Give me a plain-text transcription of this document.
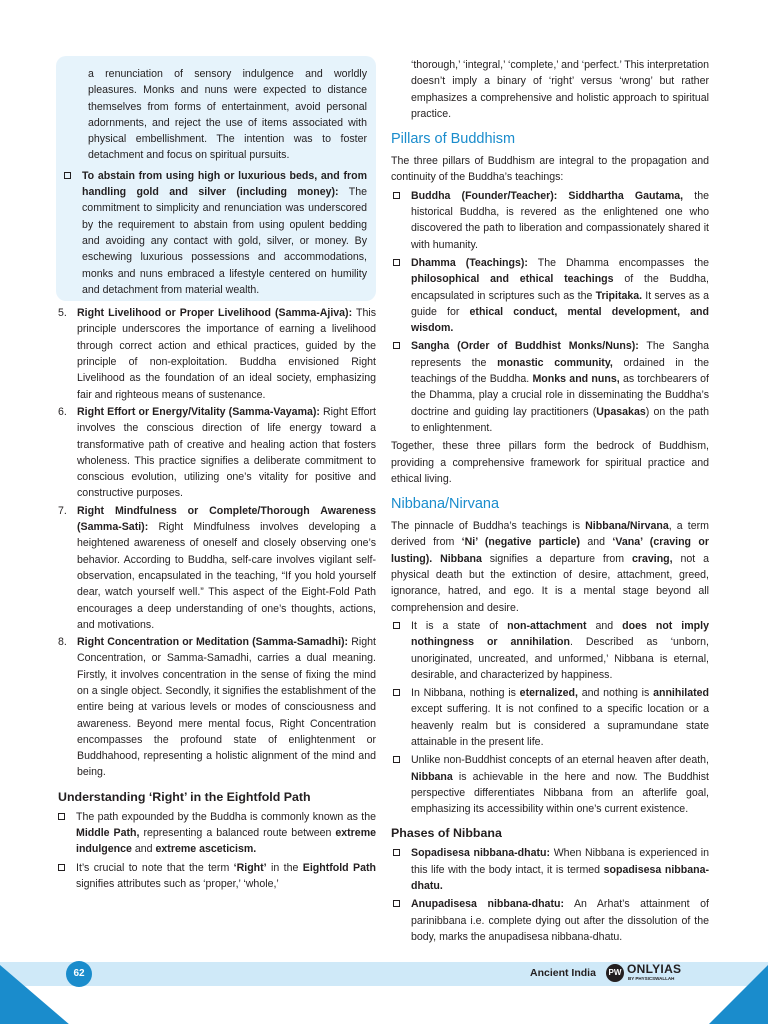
a renunciation of sensory indulgence and worldly pleasures. Monks and nuns were expected to distance themselves from forms of entertainment, avoid personal adornments, and reject the use of items associated with physical embellishment. The intention was to foster detachment and focus on spiritual pursuits.

To abstain from using high or luxurious beds, and from handling gold and silver (including money): The commitment to simplicity and renunciation was underscored by the requirement to abstain from using opulent bedding and avoiding any contact with gold, silver, or money. By eschewing luxurious possessions and accommodations, monks and nuns embraced a lifestyle centered on humility and detachment from material wealth.
5. Right Livelihood or Proper Livelihood (Samma-Ajiva): This principle underscores the importance of earning a livelihood through correct action and ethical practices, guided by the principle of non-exploitation. Buddha envisioned Right Livelihood as the foundation of an ideal society, emphasizing fair and righteous means of sustenance.
6. Right Effort or Energy/Vitality (Samma-Vayama): Right Effort involves the conscious direction of life energy toward a transformative path of creative and healing action that fosters wholeness. This practice signifies a deliberate commitment to conscious evolution, utilizing one’s vitality for positive and constructive purposes.
7. Right Mindfulness or Complete/Thorough Awareness (Samma-Sati): Right Mindfulness involves developing a heightened awareness of oneself and closely observing one’s behavior. According to Buddha, self-care involves vigilant self-observation, encapsulated in the teaching, “If you hold yourself dear, watch yourself well.” This aspect of the Eight-Fold Path encourages a deep understanding of one’s thoughts, actions, and motivations.
8. Right Concentration or Meditation (Samma-Samadhi): Right Concentration, or Samma-Samadhi, carries a dual meaning. Firstly, it involves concentration in the sense of fixing the mind on a single object. Secondly, it signifies the establishment of the entire being at various levels or modes of consciousness and awareness. Beyond mere mental focus, Right Concentration encompasses the profound state of enlightenment or Buddhahood, representing a holistic alignment of the mind and being.
Understanding ‘Right’ in the Eightfold Path
The path expounded by the Buddha is commonly known as the Middle Path, representing a balanced route between extreme indulgence and extreme asceticism.
It’s crucial to note that the term ‘Right’ in the Eightfold Path signifies attributes such as ‘proper,’ ‘whole,’

‘thorough,’ ‘integral,’ ‘complete,’ and ‘perfect.’ This interpretation doesn’t imply a binary of ‘right’ versus ‘wrong’ but rather emphasizes a comprehensive and holistic approach to spiritual practice.

Pillars of Buddhism

The three pillars of Buddhism are integral to the propagation and continuity of the Buddha’s teachings:

Buddha (Founder/Teacher): Siddhartha Gautama, the historical Buddha, is revered as the enlightened one who discovered the path to liberation and compassionately shared it with humanity.
Dhamma (Teachings): The Dhamma encompasses the philosophical and ethical teachings of the Buddha, encapsulated in scriptures such as the Tripitaka. It serves as a guide for ethical conduct, mental development, and wisdom.
Sangha (Order of Buddhist Monks/Nuns): The Sangha represents the monastic community, ordained in the teachings of the Buddha. Monks and nuns, as torchbearers of the Dhamma, play a crucial role in disseminating the Buddha’s doctrine and guiding lay practitioners (Upasakas) on the path to enlightenment.

Together, these three pillars form the bedrock of Buddhism, providing a comprehensive framework for spiritual practice and ethical living.

Nibbana/Nirvana

The pinnacle of Buddha’s teachings is Nibbana/Nirvana, a term derived from ‘Ni’ (negative particle) and ‘Vana’ (craving or lusting). Nibbana signifies a departure from craving, not a physical death but the extinction of desire, attachment, greed, ignorance, hatred, and ego. It is a mental stage beyond all comprehension and desire.

It is a state of non-attachment and does not imply nothingness or annihilation. Described as ‘unborn, unoriginated, uncreated, and unformed,’ Nibbana is eternal, desirable, and characterized by happiness.
In Nibbana, nothing is eternalized, and nothing is annihilated except suffering. It is not confined to a specific location or a heavenly realm but is considered a supramundane state attainable in the present life.
Unlike non-Buddhist concepts of an eternal heaven after death, Nibbana is achievable in the here and now. The Buddhist perspective differentiates Nibbana from an afterlife goal, emphasizing its accessibility within one’s current existence.
Phases of Nibbana
Sopadisesa nibbana-dhatu: When Nibbana is experienced in this life with the body intact, it is termed sopadisesa nibbana-dhatu.
Anupadisesa nibbana-dhatu: An Arhat’s attainment of parinibbana i.e. complete dying out after the dissolution of the body, marks the anupadisesa nibbana-dhatu.
62	Ancient India	PW ONLYIAS
BY PHYSICSWALLAH
